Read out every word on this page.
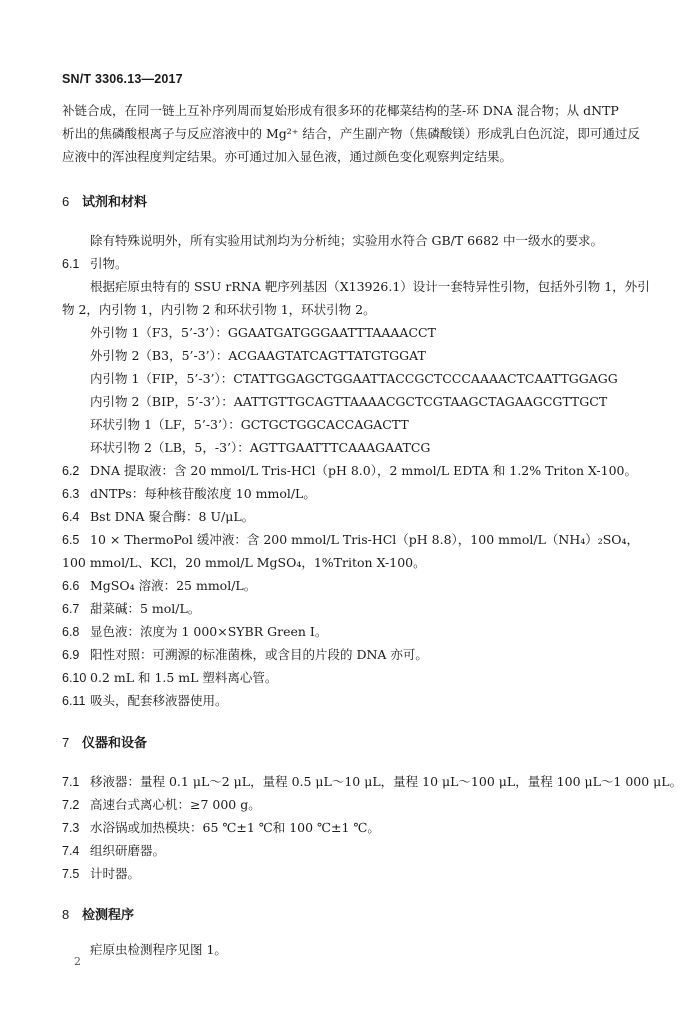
SN/T 3306.13—2017
补链合成，在同一链上互补序列周而复始形成有很多环的花椰菜结构的茎-环 DNA 混合物；从 dNTP
析出的焦磷酸根离子与反应溶液中的 Mg²⁺ 结合，产生副产物（焦磷酸镁）形成乳白色沉淀，即可通过反
应液中的浑浊程度判定结果。亦可通过加入显色液，通过颜色变化观察判定结果。
6 试剂和材料
除有特殊说明外，所有实验用试剂均为分析纯；实验用水符合 GB/T 6682 中一级水的要求。
6.1 引物。
根据疟原虫特有的 SSU rRNA 靶序列基因（X13926.1）设计一套特异性引物，包括外引物 1，外引
物 2，内引物 1，内引物 2 和环状引物 1，环状引物 2。
外引物 1（F3，5’-3’）：GGAATGATGGGAATTTAAAACCT
外引物 2（B3，5’-3’）：ACGAAGTATCAGTTATGTGGAT
内引物 1（FIP，5’-3’）：CTATTGGAGCTGGAATTACCGCTCCCAAAACTCAATTGGAGG
内引物 2（BIP，5’-3’）：AATTGTTGCAGTTAAAACGCTCGTAAGCTAGAAGCGTTGCT
环状引物 1（LF，5’-3’）：GCTGCTGGCACCAGACTT
环状引物 2（LB，5，-3’）：AGTTGAATTTCAAAGAATCG
6.2 DNA 提取液：含 20 mmol/L Tris-HCl（pH 8.0），2 mmol/L EDTA 和 1.2% Triton X-100。
6.3 dNTPs：每种核苷酸浓度 10 mmol/L。
6.4 Bst DNA 聚合酶：8 U/μL。
6.5 10 × ThermoPol 缓冲液：含 200 mmol/L Tris-HCl（pH 8.8），100 mmol/L（NH₄）₂SO₄，
100 mmol/L、KCl，20 mmol/L MgSO₄，1%Triton X-100。
6.6 MgSO₄ 溶液：25 mmol/L。
6.7 甜菜碱：5 mol/L。
6.8 显色液：浓度为 1 000×SYBR Green I。
6.9 阳性对照：可溯源的标准菌株，或含目的片段的 DNA 亦可。
6.10 0.2 mL 和 1.5 mL 塑料离心管。
6.11 吸头，配套移液器使用。
7 仪器和设备
7.1 移液器：量程 0.1 μL～2 μL，量程 0.5 μL～10 μL，量程 10 μL～100 μL，量程 100 μL～1 000 μL。
7.2 高速台式离心机：≥7 000 g。
7.3 水浴锅或加热模块：65 ℃±1 ℃和 100 ℃±1 ℃。
7.4 组织研磨器。
7.5 计时器。
8 检测程序
疟原虫检测程序见图 1。
2
